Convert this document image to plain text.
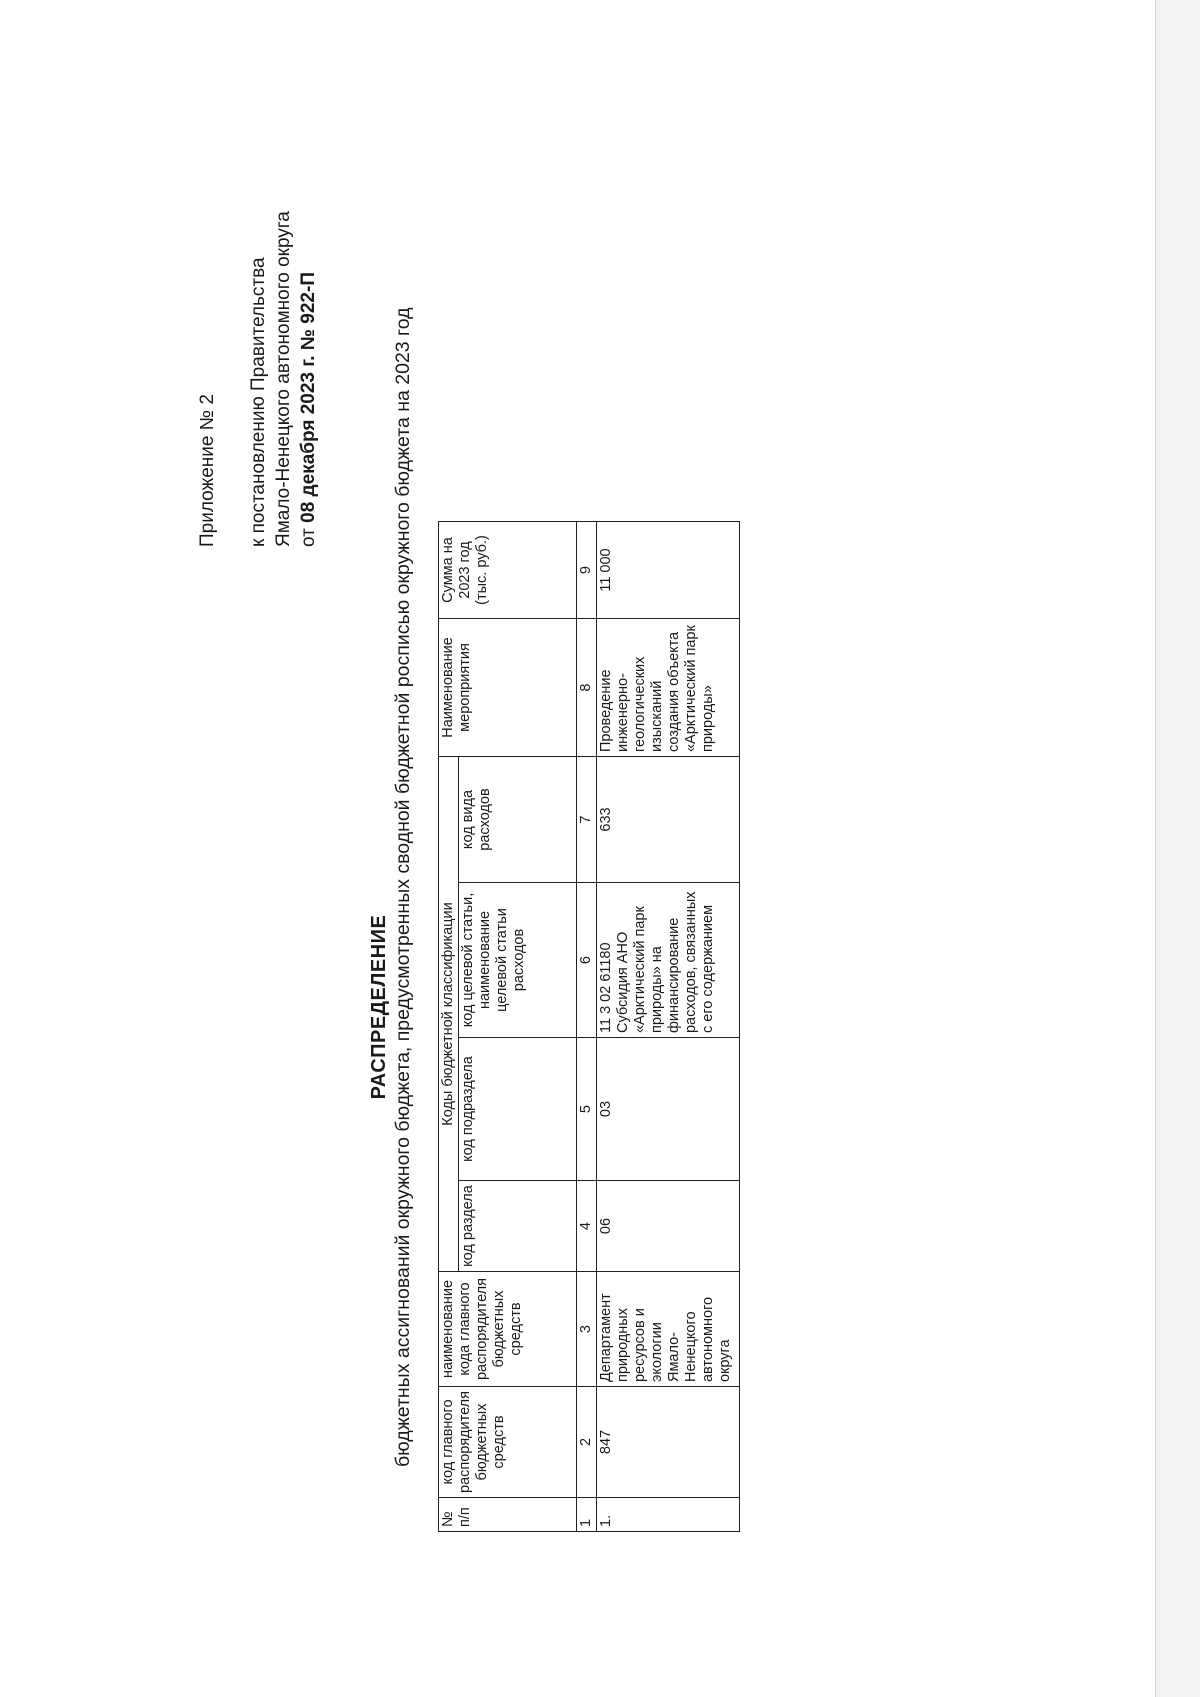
Приложение № 2 к постановлению Правительства Ямало-Ненецкого автономного округа от 08 декабря 2023 г. № 922-П
РАСПРЕДЕЛЕНИЕ бюджетных ассигнований окружного бюджета, предусмотренных сводной бюджетной росписью окружного бюджета на 2023 год
№ п/п	код главного распорядителя бюджетных средств	наименование кода главного распорядителя бюджетных средств	Коды бюджетной классификации				Наименование мероприятия	Сумма на 2023 год (тыс. руб.)
			код раздела	код подраздела	код целевой статьи, наименование целевой статьи расходов	код вида расходов		
1	2	3	4	5	6	7	8	9
1.	847	Департамент природных ресурсов и экологии Ямало-Ненецкого автономного округа	06	03	11 3 02 61180 Субсидия АНО «Арктический парк природы» на финансирование расходов, связанных с его содержанием	633	Проведение инженерно-геологических изысканий создания объекта «Арктический парк природы»	11 000
